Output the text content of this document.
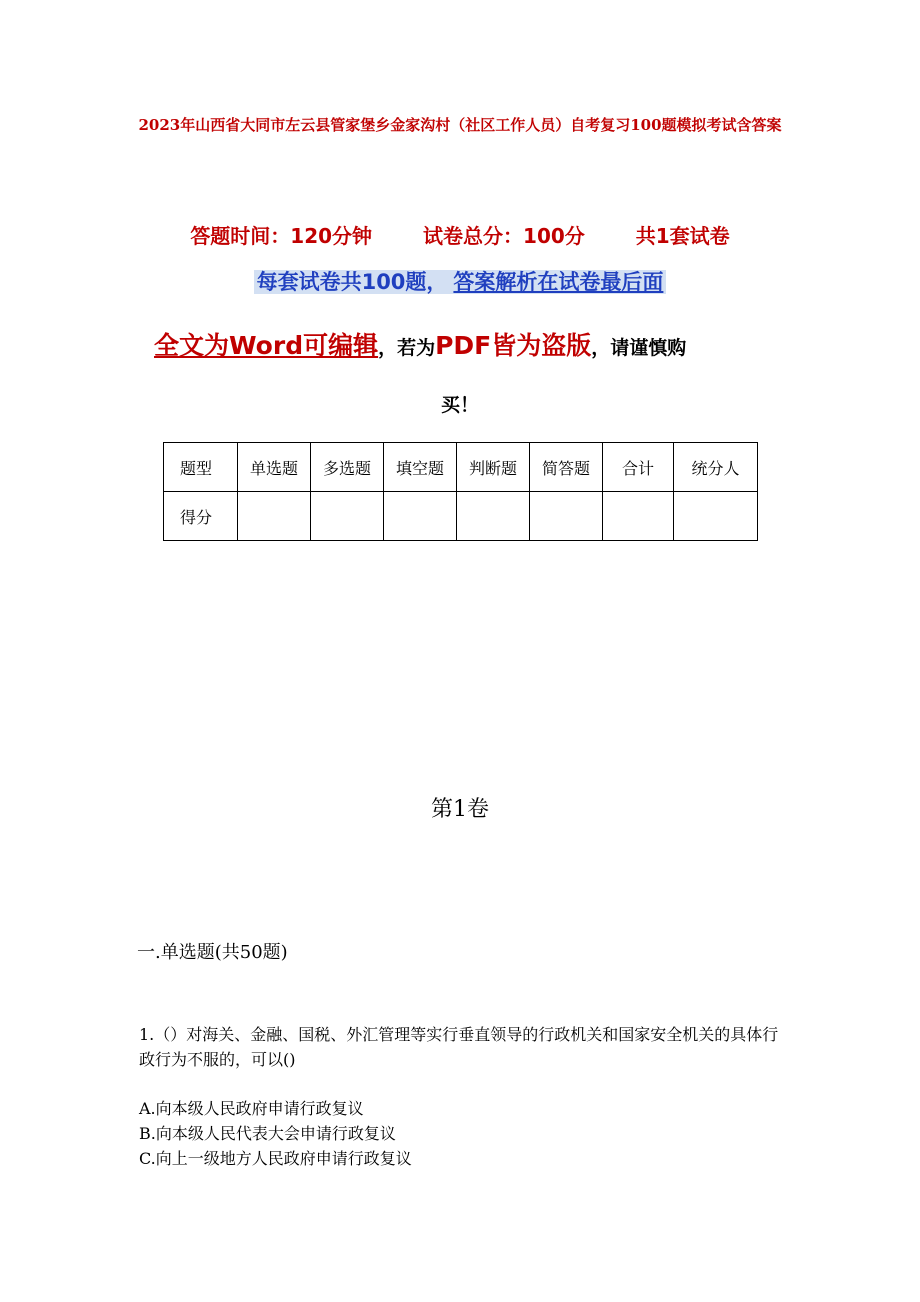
2023年山西省大同市左云县管家堡乡金家沟村（社区工作人员）自考复习100题模拟考试含答案
答题时间：120分钟	试卷总分：100分	共1套试卷
每套试卷共100题， 答案解析在试卷最后面
全文为Word可编辑，若为PDF皆为盗版，请谨慎购
买！
题型	单选题	多选题	填空题	判断题	简答题	合计	统分人
得分							
第1卷
一.单选题(共50题)
1.（）对海关、金融、国税、外汇管理等实行垂直领导的行政机关和国家安全机关的具体行政行为不服的，可以()
A.向本级人民政府申请行政复议
B.向本级人民代表大会申请行政复议
C.向上一级地方人民政府申请行政复议
